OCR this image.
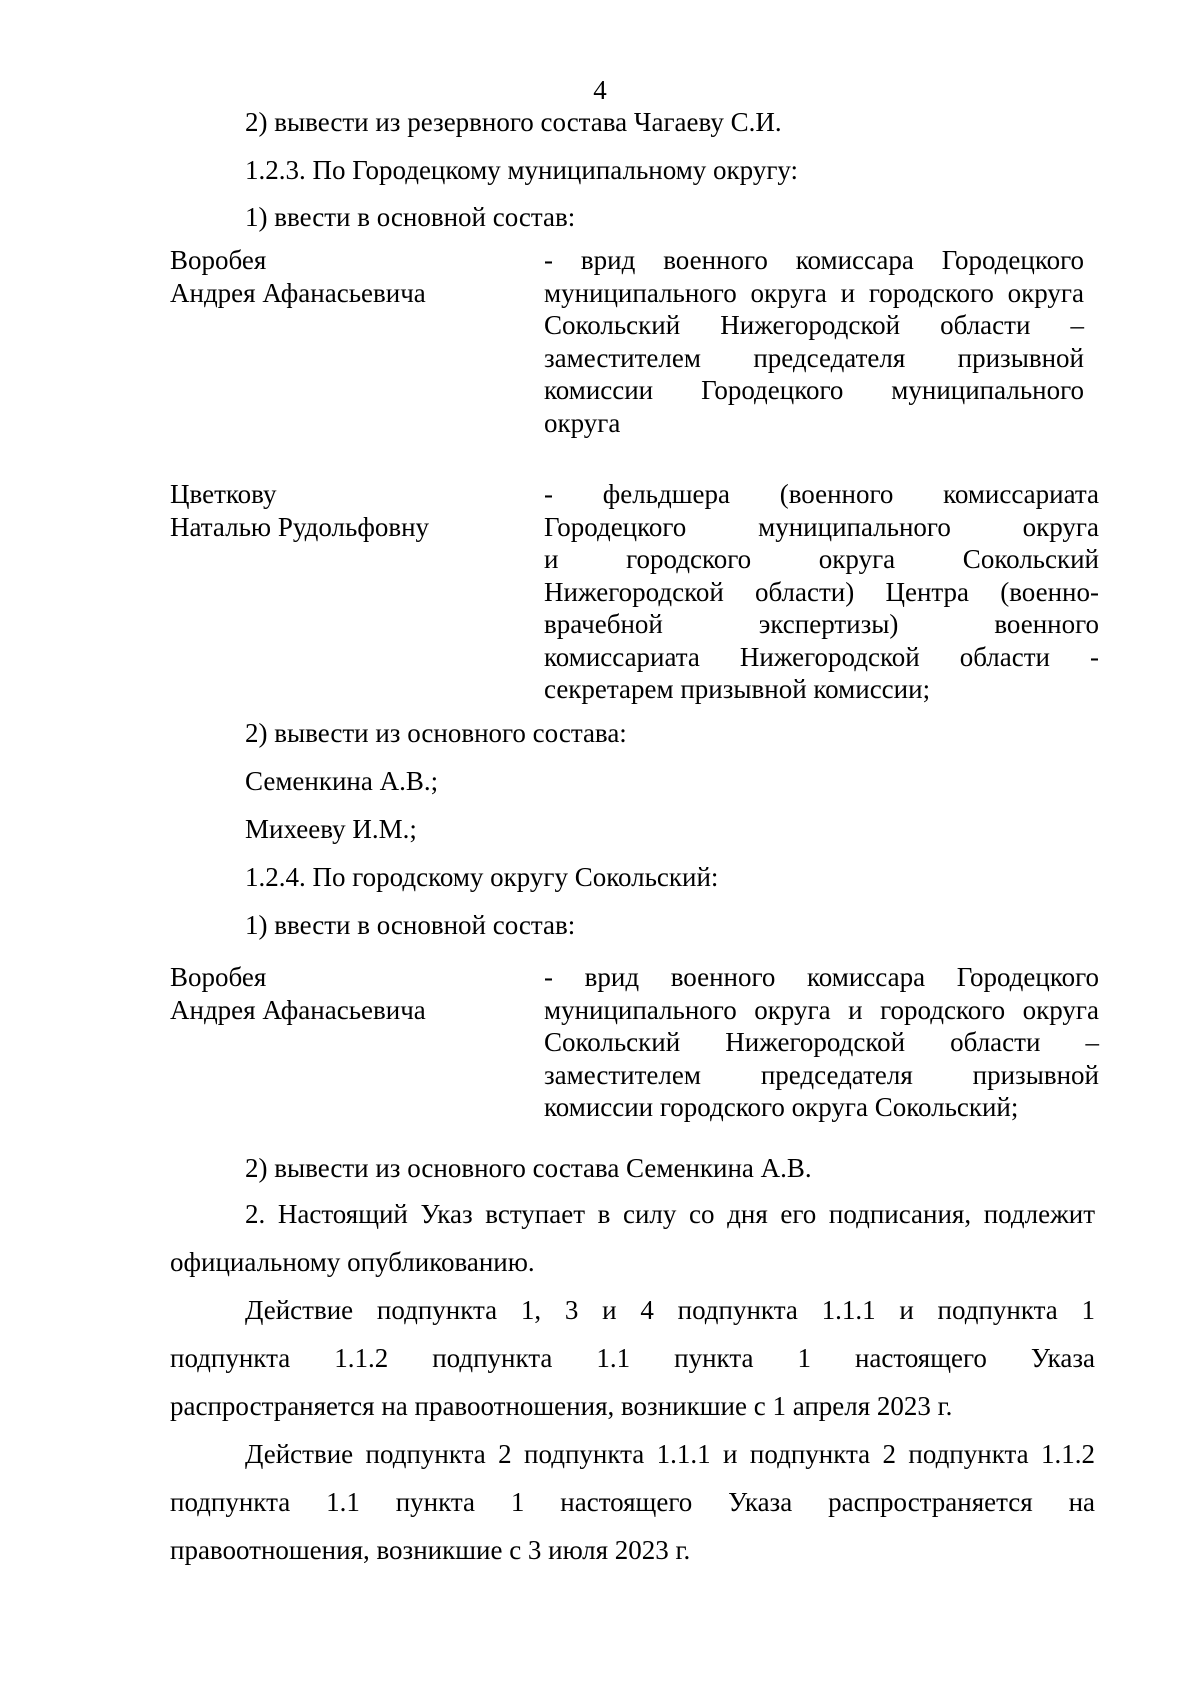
4
2) вывести из резервного состава Чагаеву С.И.
1.2.3. По Городецкому муниципальному округу:
1) ввести в основной состав:
Воробея
Андрея Афанасьевича
- врид военного комиссара Городецкого
муниципального округа и городского округа
Сокольский Нижегородской области –
заместителем председателя призывной
комиссии Городецкого муниципального
округа
Цветкову
Наталью Рудольфовну
- фельдшера (военного комиссариата
Городецкого муниципального округа
и городского округа Сокольский
Нижегородской области) Центра (военно-
врачебной экспертизы) военного
комиссариата Нижегородской области -
секретарем призывной комиссии;
2) вывести из основного состава:
Семенкина А.В.;
Михееву И.М.;
1.2.4. По городскому округу Сокольский:
1) ввести в основной состав:
Воробея
Андрея Афанасьевича
- врид военного комиссара Городецкого
муниципального округа и городского округа
Сокольский Нижегородской области –
заместителем председателя призывной
комиссии городского округа Сокольский;
2) вывести из основного состава Семенкина А.В.
2. Настоящий Указ вступает в силу со дня его подписания, подлежит
официальному опубликованию.
Действие подпункта 1, 3 и 4 подпункта 1.1.1 и подпункта 1
подпункта 1.1.2 подпункта 1.1 пункта 1 настоящего Указа
распространяется на правоотношения, возникшие с 1 апреля 2023 г.
Действие подпункта 2 подпункта 1.1.1 и подпункта 2 подпункта 1.1.2
подпункта 1.1 пункта 1 настоящего Указа распространяется на
правоотношения, возникшие с 3 июля 2023 г.
